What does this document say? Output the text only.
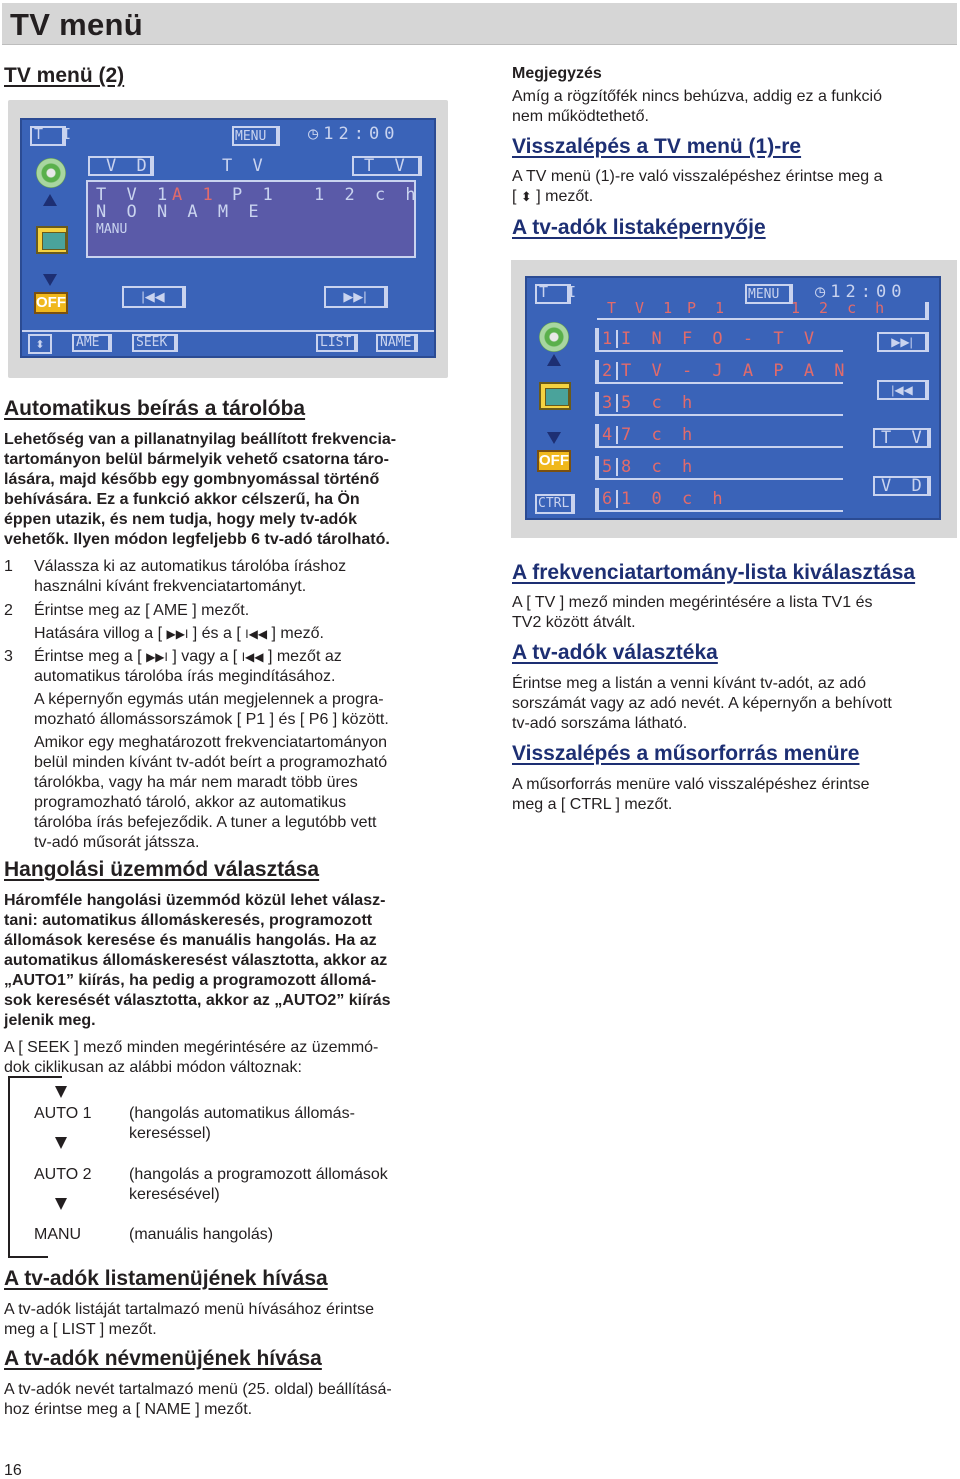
TV menü
TV menü (2)
T I	MENU ◷12:00
V D	T V	T V
T V 1 A 1 P 1 1 2 c h
N O N A M E
MANU
OFF	|◀◀	▶▶|
⬍ AME	SEEK	LIST NAME
Automatikus beírás a tárolóba
Lehetőség van a pillanatnyilag beállított frekvencia-
tartományon belül bármelyik vehető csatorna táro-
lására, majd később egy gombnyomással történő
behívására. Ez a funkció akkor célszerű, ha Ön
éppen utazik, és nem tudja, hogy mely tv-adók
vehetők. Ilyen módon legfeljebb 6 tv-adó tárolható.
1 Válassza ki az automatikus tárolóba íráshoz
használni kívánt frekvenciatartományt.
2 Érintse meg az [ AME ] mezőt.
Hatására villog a [ ▶▶I ] és a [ I◀◀ ] mező.
3 Érintse meg a [ ▶▶I ] vagy a [ I◀◀ ] mezőt az
automatikus tárolóba írás megindításához.
A képernyőn egymás után megjelennek a progra-
mozható állomássorszámok [ P1 ] és [ P6 ] között.
Amikor egy meghatározott frekvenciatartományon
belül minden kívánt tv-adót beírt a programozható
tárolókba, vagy ha már nem maradt több üres
programozható tároló, akkor az automatikus
tárolóba írás befejeződik. A tuner a legutóbb vett
tv-adó műsorát játssza.
Hangolási üzemmód választása
Háromféle hangolási üzemmód közül lehet válasz-
tani: automatikus állomáskeresés, programozott
állomások keresése és manuális hangolás. Ha az
automatikus állomáskeresést választotta, akkor az
„AUTO1” kiírás, ha pedig a programozott állomá-
sok keresését választotta, akkor az „AUTO2” kiírás
jelenik meg.
A [ SEEK ] mező minden megérintésére az üzemmó-
dok ciklikusan az alábbi módon változnak:
AUTO 1 (hangolás automatikus állomás-
kereséssel)
AUTO 2 (hangolás a programozott állomások
keresésével)
MANU	(manuális hangolás)
A tv-adók listamenüjének hívása
A tv-adók listáját tartalmazó menü hívásához érintse
meg a [ LIST ] mezőt.
A tv-adók névmenüjének hívása
A tv-adók nevét tartalmazó menü (25. oldal) beállításá-
hoz érintse meg a [ NAME ] mezőt.
Megjegyzés
Amíg a rögzítőfék nincs behúzva, addig ez a funkció
nem működtethető.
Visszalépés a TV menü (1)-re
A TV menü (1)-re való visszalépéshez érintse meg a
[ ⬍ ] mezőt.
A tv-adók listaképernyője
T I	MENU ◷12:00
T V 1 P 1	1 2 c h
OFF
CTRL
1 I N F O - T V
2 T V - J A P A N
3 5 c h
4 7 c h
5 8 c h
6 1 0 c h
▶▶|
|◀◀
T V
V D
A frekvenciatartomány-lista kiválasztása
A [ TV ] mező minden megérintésére a lista TV1 és
TV2 között átvált.
A tv-adók választéka
Érintse meg a listán a venni kívánt tv-adót, az adó
sorszámát vagy az adó nevét. A képernyőn a behívott
tv-adó sorszáma látható.
Visszalépés a műsorforrás menüre
A műsorforrás menüre való visszalépéshez érintse
meg a [ CTRL ] mezőt.
16
